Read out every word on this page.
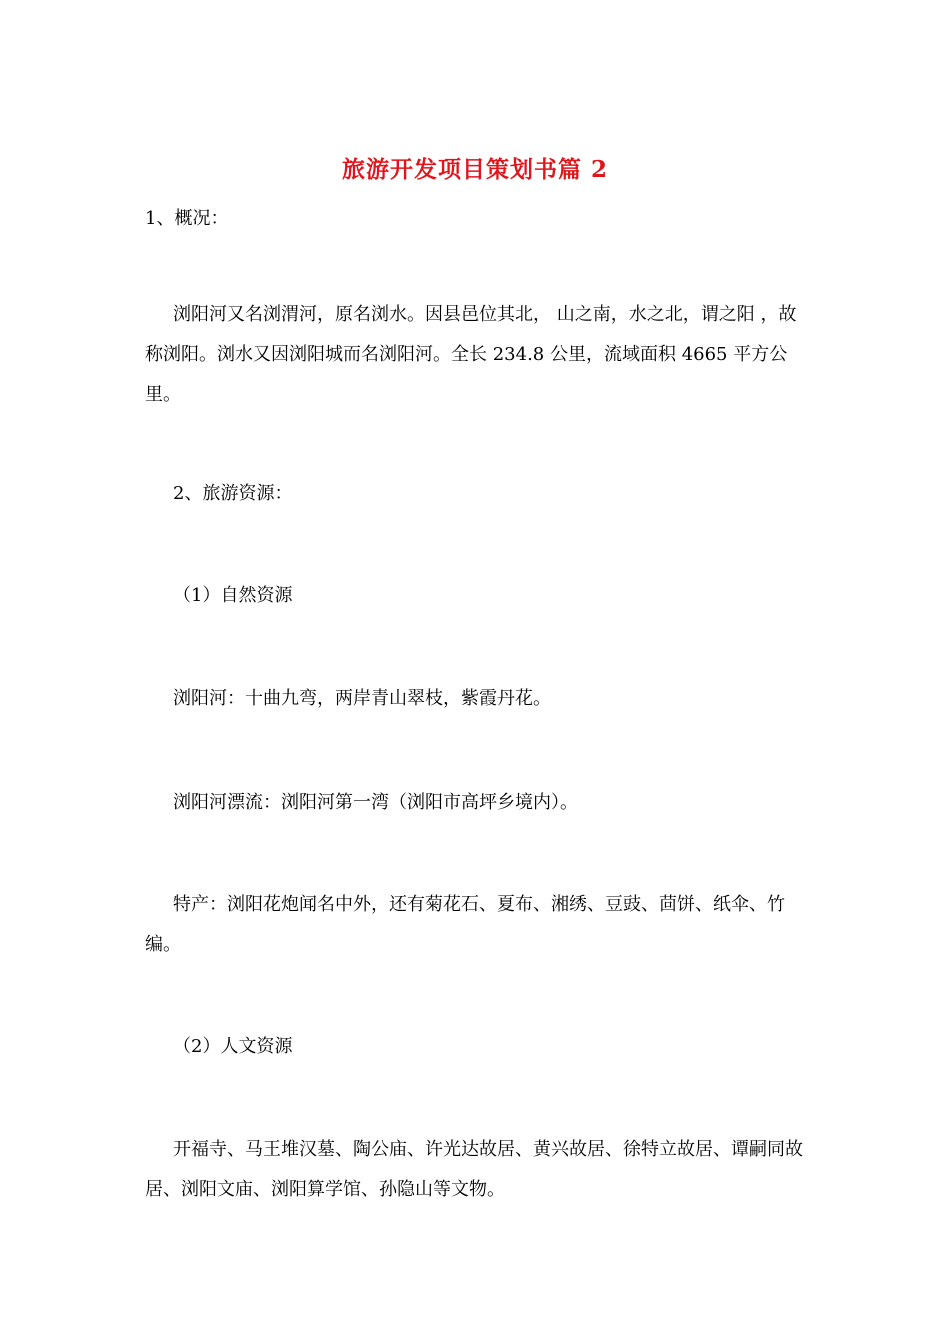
旅游开发项目策划书篇 2

1、概况：

浏阳河又名浏渭河，原名浏水。因县邑位其北， 山之南，水之北，谓之阳 ，故称浏阳。浏水又因浏阳城而名浏阳河。全长 234.8 公里，流域面积 4665 平方公里。

2、旅游资源：

（1）自然资源

浏阳河：十曲九弯，两岸青山翠枝，紫霞丹花。

浏阳河漂流：浏阳河第一湾（浏阳市高坪乡境内）。

特产：浏阳花炮闻名中外，还有菊花石、夏布、湘绣、豆豉、茴饼、纸伞、竹编。

（2）人文资源

开福寺、马王堆汉墓、陶公庙、许光达故居、黄兴故居、徐特立故居、谭嗣同故居、浏阳文庙、浏阳算学馆、孙隐山等文物。
